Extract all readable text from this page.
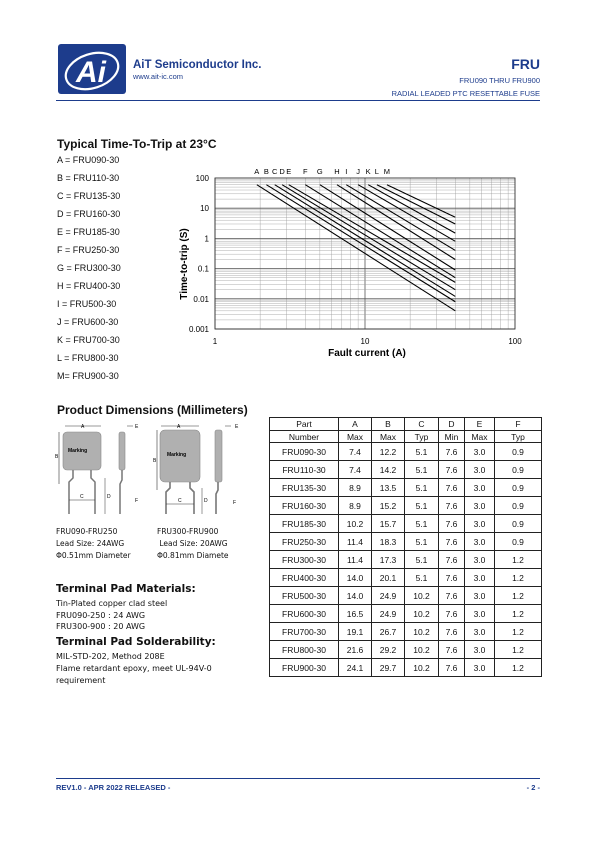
Ai AiT Semiconductor Inc.
www.ait-ic.com
FRU
FRU090 THRU FRU900
RADIAL LEADED PTC RESETTABLE FUSE
Typical Time-To-Trip at 23°C
A = FRU090-30
B = FRU110-30
C = FRU135-30
D = FRU160-30
E = FRU185-30
F = FRU250-30
G = FRU300-30
H = FRU400-30
I = FRU500-30
J = FRU600-30
K = FRU700-30
L = FRU800-30
M= FRU900-30
100
10
1
0.1
0.01
0.001
1	10	100
A B C D E F G H I J K L M
Fault current (A)
Time-to-trip (S)
Product Dimensions (Millimeters)
A
B
Marking
C	D
E
F
A
B
Marking
C	D
E
F
FRU090-FRU250
Lead Size: 24AWG
Φ0.51mm Diameter
FRU300-FRU900
Lead Size: 20AWG
Φ0.81mm Diamete
Terminal Pad Materials:
Tin-Plated copper clad steel
FRU090-250 : 24 AWG
FRU300-900 : 20 AWG
Terminal Pad Solderability:
MIL-STD-202, Method 208E
Flame retardant epoxy, meet UL-94V-0
requirement
Part	A	B	C	D	E	F
Number	Max	Max	Typ	Min	Max	Typ
FRU090-30	7.4	12.2	5.1	7.6	3.0	0.9
FRU110-30	7.4	14.2	5.1	7.6	3.0	0.9
FRU135-30	8.9	13.5	5.1	7.6	3.0	0.9
FRU160-30	8.9	15.2	5.1	7.6	3.0	0.9
FRU185-30	10.2	15.7	5.1	7.6	3.0	0.9
FRU250-30	11.4	18.3	5.1	7.6	3.0	0.9
FRU300-30	11.4	17.3	5.1	7.6	3.0	1.2
FRU400-30	14.0	20.1	5.1	7.6	3.0	1.2
FRU500-30	14.0	24.9	10.2	7.6	3.0	1.2
FRU600-30	16.5	24.9	10.2	7.6	3.0	1.2
FRU700-30	19.1	26.7	10.2	7.6	3.0	1.2
FRU800-30	21.6	29.2	10.2	7.6	3.0	1.2
FRU900-30	24.1	29.7	10.2	7.6	3.0	1.2
REV1.0 - APR 2022 RELEASED -	- 2 -
